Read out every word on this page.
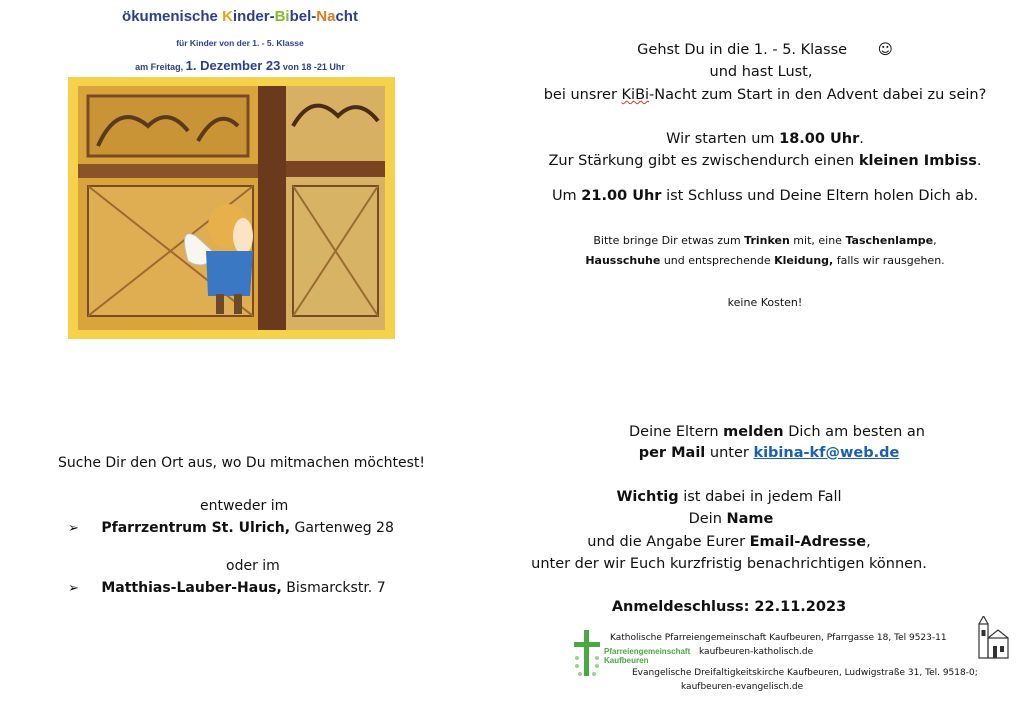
ökumenische Kinder-Bibel-Nacht
für Kinder von der 1. - 5. Klasse
am Freitag, 1. Dezember 23 von 18 -21 Uhr
Gehst Du in die 1. - 5. Klasse ☺
und hast Lust,
bei unsrer KiBi-Nacht zum Start in den Advent dabei zu sein?
Wir starten um 18.00 Uhr.
Zur Stärkung gibt es zwischendurch einen kleinen Imbiss.
Um 21.00 Uhr ist Schluss und Deine Eltern holen Dich ab.
Bitte bringe Dir etwas zum Trinken mit, eine Taschenlampe,
Hausschuhe und entsprechende Kleidung, falls wir rausgehen.
keine Kosten!
Suche Dir den Ort aus, wo Du mitmachen möchtest!
entweder im
➢ Pfarrzentrum St. Ulrich, Gartenweg 28
oder im
➢ Matthias-Lauber-Haus, Bismarckstr. 7
Deine Eltern melden Dich am besten an
per Mail unter kibina-kf@web.de
Wichtig ist dabei in jedem Fall
Dein Name
und die Angabe Eurer Email-Adresse,
unter der wir Euch kurzfristig benachrichtigen können.
Anmeldeschluss: 22.11.2023
Pfarreiengemeinschaft
Kaufbeuren
Katholische Pfarreiengemeinschaft Kaufbeuren, Pfarrgasse 18, Tel 9523-11
kaufbeuren-katholisch.de
Evangelische Dreifaltigkeitskirche Kaufbeuren, Ludwigstraße 31, Tel. 9518-0;
kaufbeuren-evangelisch.de
